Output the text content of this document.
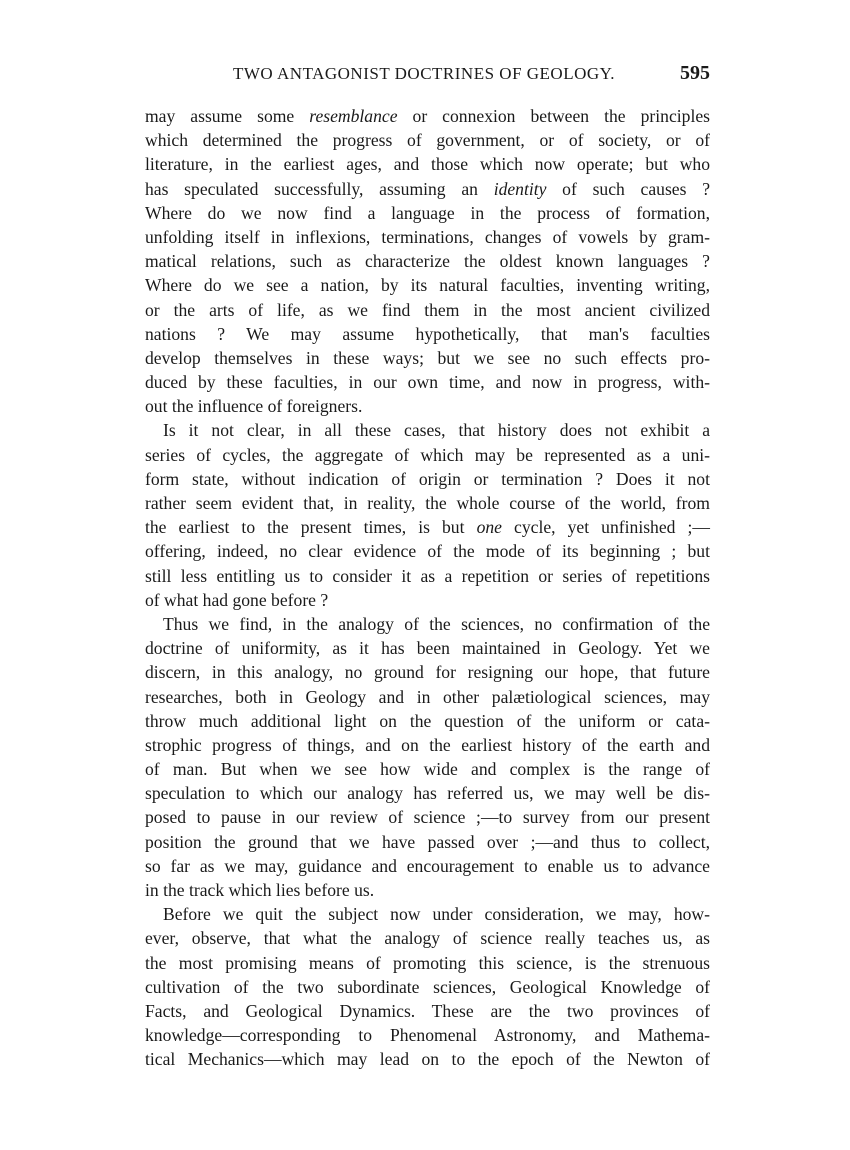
TWO ANTAGONIST DOCTRINES OF GEOLOGY.	595
may assume some resemblance or connexion between the principles
which determined the progress of government, or of society, or of
literature, in the earliest ages, and those which now operate; but who
has speculated successfully, assuming an identity of such causes ?
Where do we now find a language in the process of formation,
unfolding itself in inflexions, terminations, changes of vowels by gram-
matical relations, such as characterize the oldest known languages ?
Where do we see a nation, by its natural faculties, inventing writing,
or the arts of life, as we find them in the most ancient civilized
nations ? We may assume hypothetically, that man's faculties
develop themselves in these ways; but we see no such effects pro-
duced by these faculties, in our own time, and now in progress, with-
out the influence of foreigners.
Is it not clear, in all these cases, that history does not exhibit a
series of cycles, the aggregate of which may be represented as a uni-
form state, without indication of origin or termination ? Does it not
rather seem evident that, in reality, the whole course of the world, from
the earliest to the present times, is but one cycle, yet unfinished ;—
offering, indeed, no clear evidence of the mode of its beginning ; but
still less entitling us to consider it as a repetition or series of repetitions
of what had gone before ?
Thus we find, in the analogy of the sciences, no confirmation of the
doctrine of uniformity, as it has been maintained in Geology. Yet we
discern, in this analogy, no ground for resigning our hope, that future
researches, both in Geology and in other palætiological sciences, may
throw much additional light on the question of the uniform or cata-
strophic progress of things, and on the earliest history of the earth and
of man. But when we see how wide and complex is the range of
speculation to which our analogy has referred us, we may well be dis-
posed to pause in our review of science ;—to survey from our present
position the ground that we have passed over ;—and thus to collect,
so far as we may, guidance and encouragement to enable us to advance
in the track which lies before us.
Before we quit the subject now under consideration, we may, how-
ever, observe, that what the analogy of science really teaches us, as
the most promising means of promoting this science, is the strenuous
cultivation of the two subordinate sciences, Geological Knowledge of
Facts, and Geological Dynamics. These are the two provinces of
knowledge—corresponding to Phenomenal Astronomy, and Mathema-
tical Mechanics—which may lead on to the epoch of the Newton of
